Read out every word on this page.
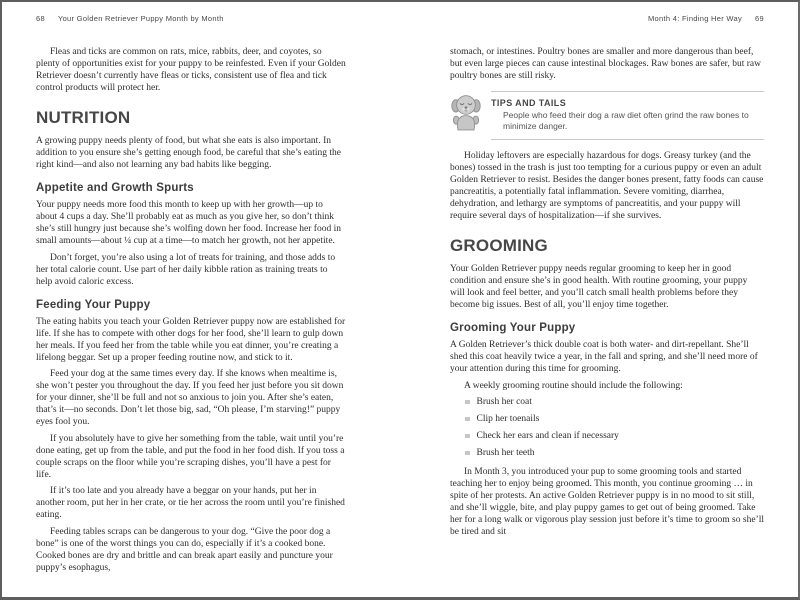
68 Your Golden Retriever Puppy Month by Month

Fleas and ticks are common on rats, mice, rabbits, deer, and coyotes, so plenty of opportunities exist for your puppy to be reinfested. Even if your Golden Retriever doesn’t currently have fleas or ticks, consistent use of flea and tick control products will protect her.

NUTRITION

A growing puppy needs plenty of food, but what she eats is also important. In addition to you ensure she’s getting enough food, be careful that she’s eating the right kind—and also not learning any bad habits like begging.

Appetite and Growth Spurts

Your puppy needs more food this month to keep up with her growth—up to about 4 cups a day. She’ll probably eat as much as you give her, so don’t think she’s still hungry just because she’s wolfing down her food. Increase her food in small amounts—about ¼ cup at a time—to match her growth, not her appetite.

Don’t forget, you’re also using a lot of treats for training, and those adds to her total calorie count. Use part of her daily kibble ration as training treats to help avoid caloric excess.

Feeding Your Puppy

The eating habits you teach your Golden Retriever puppy now are established for life. If she has to compete with other dogs for her food, she’ll learn to gulp down her meals. If you feed her from the table while you eat dinner, you’re creating a lifelong beggar. Set up a proper feeding routine now, and stick to it.

Feed your dog at the same times every day. If she knows when mealtime is, she won’t pester you throughout the day. If you feed her just before you sit down for your dinner, she’ll be full and not so anxious to join you. After she’s eaten, that’s it—no seconds. Don’t let those big, sad, “Oh please, I’m starving!” puppy eyes fool you.

If you absolutely have to give her something from the table, wait until you’re done eating, get up from the table, and put the food in her food dish. If you toss a couple scraps on the floor while you’re scraping dishes, you’ll have a pest for life.

If it’s too late and you already have a beggar on your hands, put her in another room, put her in her crate, or tie her across the room until you’re finished eating.

Feeding tables scraps can be dangerous to your dog. “Give the poor dog a bone” is one of the worst things you can do, especially if it’s a cooked bone. Cooked bones are dry and brittle and can break apart easily and puncture your puppy’s esophagus,

Month 4: Finding Her Way 69

stomach, or intestines. Poultry bones are smaller and more dangerous than beef, but even large pieces can cause intestinal blockages. Raw bones are safer, but raw poultry bones are still risky.

TIPS AND TAILS

People who feed their dog a raw diet often grind the raw bones to minimize danger.

Holiday leftovers are especially hazardous for dogs. Greasy turkey (and the bones) tossed in the trash is just too tempting for a curious puppy or even an adult Golden Retriever to resist. Besides the danger bones present, fatty foods can cause pancreatitis, a potentially fatal inflammation. Severe vomiting, diarrhea, dehydration, and lethargy are symptoms of pancreatitis, and your puppy will require several days of hospitalization—if she survives.

GROOMING

Your Golden Retriever puppy needs regular grooming to keep her in good condition and ensure she’s in good health. With routine grooming, your puppy will look and feel better, and you’ll catch small health problems before they become big issues. Best of all, you’ll enjoy time together.

Grooming Your Puppy

A Golden Retriever’s thick double coat is both water- and dirt-repellant. She’ll shed this coat heavily twice a year, in the fall and spring, and she’ll need more of your attention during this time for grooming.

A weekly grooming routine should include the following:

Brush her coat
Clip her toenails
Check her ears and clean if necessary
Brush her teeth

In Month 3, you introduced your pup to some grooming tools and started teaching her to enjoy being groomed. This month, you continue grooming … in spite of her protests. An active Golden Retriever puppy is in no mood to sit still, and she’ll wiggle, bite, and play puppy games to get out of being groomed. Take her for a long walk or vigorous play session just before it’s time to groom so she’ll be tired and sit
